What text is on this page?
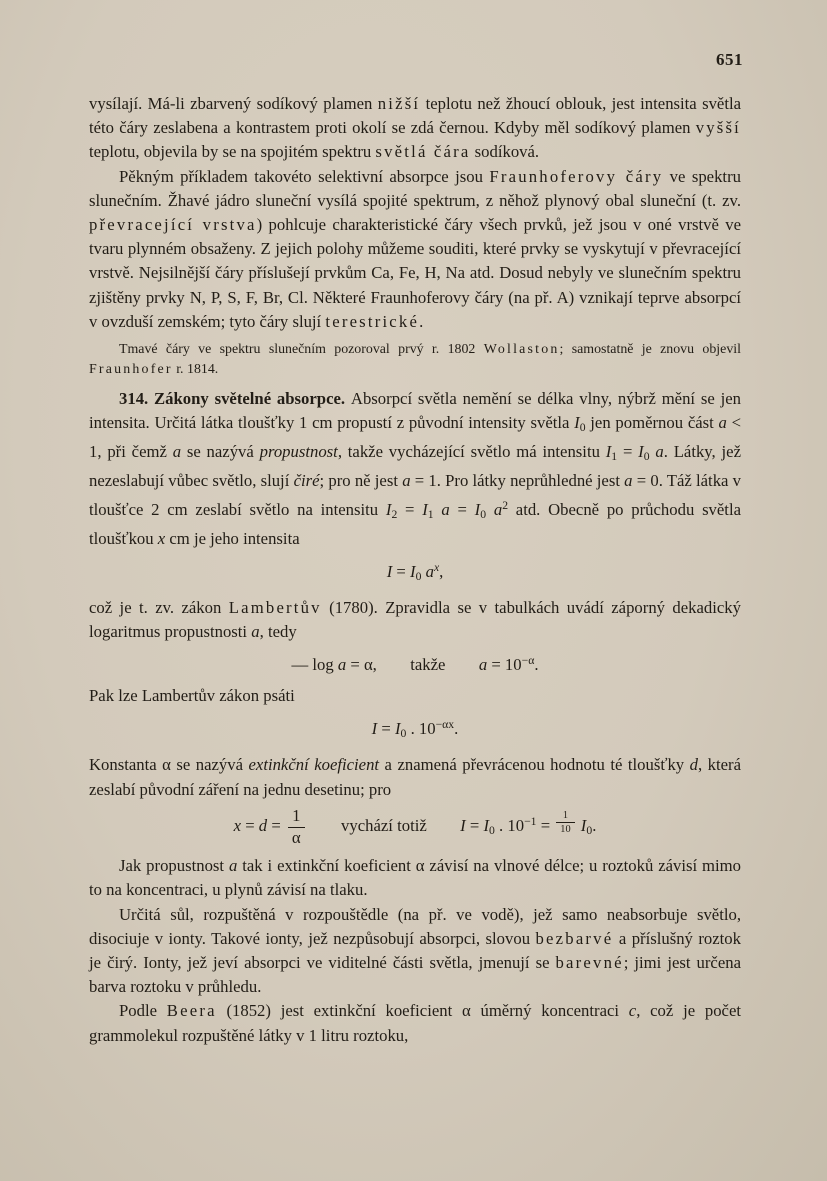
651
vysílají. Má-li zbarvený sodíkový plamen nižší teplotu než žhoucí oblouk, jest intensita světla této čáry zeslabena a kontrastem proti okolí se zdá černou. Kdyby měl sodíkový plamen vyšší teplotu, objevila by se na spojitém spektru světlá čára sodíková.
Pěkným příkladem takovéto selektivní absorpce jsou Fraunhoferovy čáry ve spektru slunečním. Žhavé jádro sluneční vysílá spojité spektrum, z něhož plynový obal sluneční (t. zv. převracející vrstva) pohlcuje charakteristické čáry všech prvků, jež jsou v oné vrstvě ve tvaru plynném obsaženy. Z jejich polohy můžeme souditi, které prvky se vyskytují v převracející vrstvě. Nejsilnější čáry příslušejí prvkům Ca, Fe, H, Na atd. Dosud nebyly ve slunečním spektru zjištěny prvky N, P, S, F, Br, Cl. Některé Fraunhoferovy čáry (na př. A) vznikají teprve absorpcí v ovzduší zemském; tyto čáry slují terestrické.
Tmavé čáry ve spektru slunečním pozoroval prvý r. 1802 Wollaston; samostatně je znovu objevil Fraunhofer r. 1814.
314. Zákony světelné absorpce. Absorpcí světla nemění se délka vlny, nýbrž mění se jen intensita. Určitá látka tloušťky 1 cm propustí z původní intensity světla $I_0$ jen poměrnou část a < 1, při čemž a se nazývá propustnost, takže vycházející světlo má intensitu $I_1 = I_0$ a. Látky, jež nezeslabují vůbec světlo, slují čiré; pro ně jest a = 1. Pro látky neprůhledné jest a = 0. Táž látka v tloušťce 2 cm zeslabí světlo na intensitu $I_2 = I_1$ $a = I_0$ $a^2$ atd. Obecně po průchodu světla tloušťkou x cm je jeho intensita
$I = I_0$ $a^x$,
což je t. zv. zákon Lambertův (1780). Zpravidla se v tabulkách uvádí záporný dekadický logaritmus propustnosti a, tedy
— log a = α,  takže  $a = 10^{-\alpha}$.
Pak lze Lambertův zákon psáti
$I = I_0$ . $10^{-\alpha x}$.
Konstanta α se nazývá extinkční koeficient a znamená převrácenou hodnotu té tloušťky d, která zeslabí původní záření na jednu desetinu; pro
$x = d = \frac{1}{\alpha}$   vychází totiž  $I = I_0$ . $10^{-1} = \frac{1}{10} I_0$.
Jak propustnost a tak i extinkční koeficient α závisí na vlnové délce; u roztoků závisí mimo to na koncentraci, u plynů závisí na tlaku.
Určitá sůl, rozpuštěná v rozpouštědle (na př. ve vodě), jež samo neabsorbuje světlo, disociuje v ionty. Takové ionty, jež nezpůsobují absorpci, slovou bezbarvé a příslušný roztok je čirý. Ionty, jež jeví absorpci ve viditelné části světla, jmenují se barevné; jimi jest určena barva roztoku v průhledu.
Podle Beera (1852) jest extinkční koeficient α úměrný koncentraci c, což je počet grammolekul rozpuštěné látky v 1 litru roztoku,
